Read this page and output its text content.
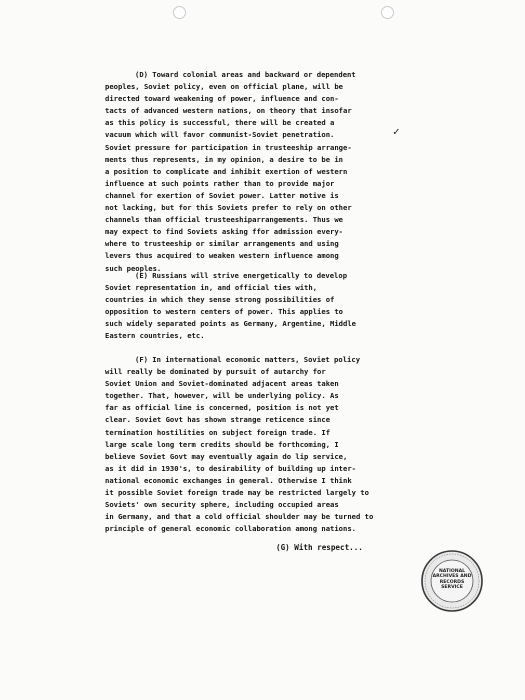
(D) Toward colonial areas and backward or dependent
peoples, Soviet policy, even on official plane, will be
directed toward weakening of power, influence and con-
tacts of advanced western nations, on theory that insofar
as this policy is successful, there will be created a
vacuum which will favor communist-Soviet penetration.
Soviet pressure for participation in trusteeship arrange-
ments thus represents, in my opinion, a desire to be in
a position to complicate and inhibit exertion of western
influence at such points rather than to provide major
channel for exertion of Soviet power. Latter motive is
not lacking, but for this Soviets prefer to rely on other
channels than official trusteeshiparrangements. Thus we
may expect to find Soviets asking ffor admission every-
where to trusteeship or similar arrangements and using
levers thus acquired to weaken western influence among
such peoples.
✓
(E) Russians will strive energetically to develop
Soviet representation in, and official ties with,
countries in which they sense strong possibilities of
opposition to western centers of power. This applies to
such widely separated points as Germany, Argentine, Middle
Eastern countries, etc.
(F) In international economic matters, Soviet policy
will really be dominated by pursuit of autarchy for
Soviet Union and Soviet-dominated adjacent areas taken
together. That, however, will be underlying policy. As
far as official line is concerned, position is not yet
clear. Soviet Govt has shown strange reticence since
termination hostilities on subject foreign trade. If
large scale long term credits should be forthcoming, I
believe Soviet Govt may eventually again do lip service,
as it did in 1930's, to desirability of building up inter-
national economic exchanges in general. Otherwise I think
it possible Soviet foreign trade may be restricted largely to
Soviets' own security sphere, including occupied areas
in Germany, and that a cold official shoulder may be turned to
principle of general economic collaboration among nations.
(G) With respect...
NATIONAL
ARCHIVES AND
RECORDS
SERVICE
